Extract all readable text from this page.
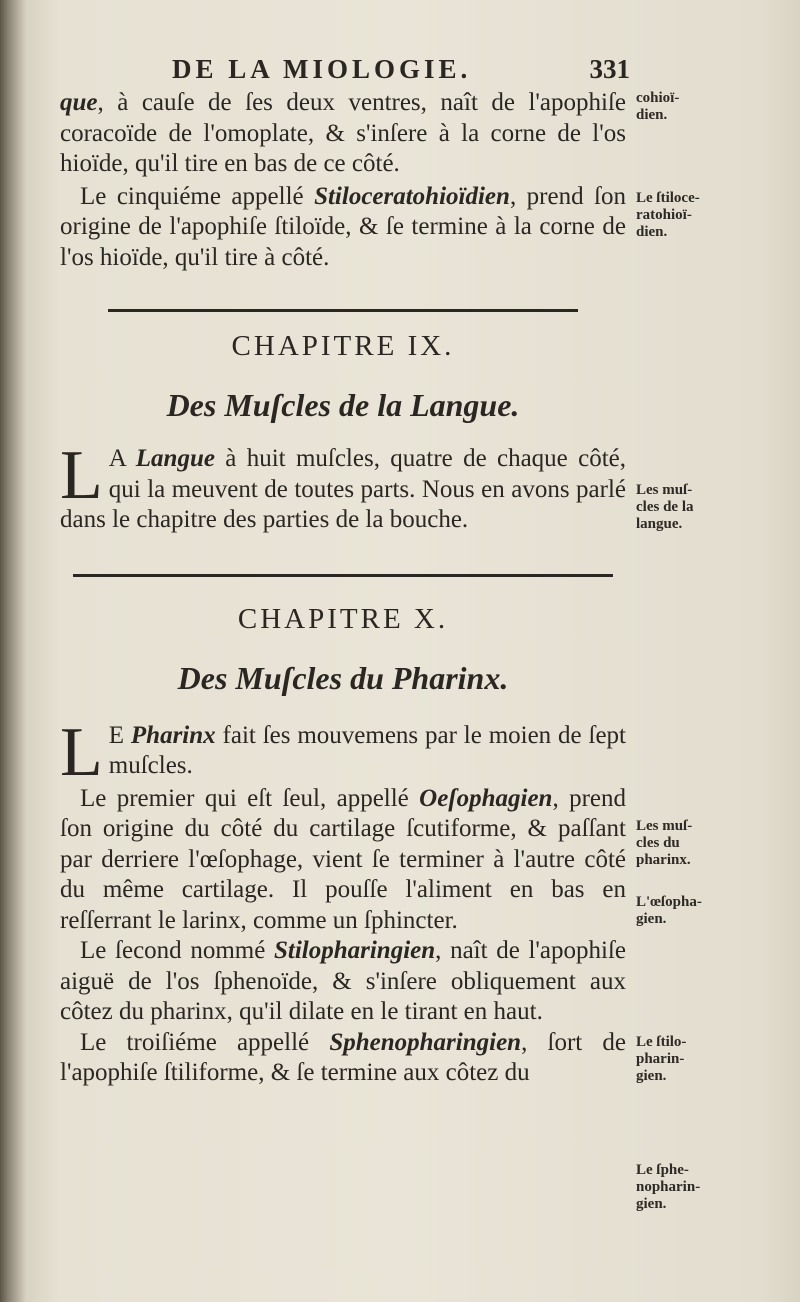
DE LA MIOLOGIE.	331

que, à cauſe de ſes deux ventres, naît de l'apophiſe coracoïde de l'omoplate, & s'inſere à la corne de l'os hioïde, qu'il tire en bas de ce côté.

Le cinquiéme appellé Stiloceratohioïdien, prend ſon origine de l'apophiſe ſtiloïde, & ſe termine à la corne de l'os hioïde, qu'il tire à côté.

CHAPITRE IX.
Des Muſcles de la Langue.

L A Langue à huit muſcles, quatre de chaque côté, qui la meuvent de toutes parts. Nous en avons parlé dans le chapitre des parties de la bouche.

CHAPITRE X.
Des Muſcles du Pharinx.

L E Pharinx fait ſes mouvemens par le moien de ſept muſcles.

Le premier qui eſt ſeul, appellé Oeſophagien, prend ſon origine du côté du cartilage ſcutiforme, & paſſant par derriere l'œſophage, vient ſe terminer à l'autre côté du même cartilage. Il pouſſe l'aliment en bas en reſſerrant le larinx, comme un ſphincter.

Le ſecond nommé Stilopharingien, naît de l'apophiſe aiguë de l'os ſphenoïde, & s'inſere obliquement aux côtez du pharinx, qu'il dilate en le tirant en haut.

Le troiſiéme appellé Sphenopharingien, ſort de l'apophiſe ſtiliforme, & ſe termine aux côtez du

cohioï-dien.
Le ſtiloce-ratohioï-dien.
Les muſ-cles de la langue.
Les muſ-cles du pharinx.
L'œſopha-gien.
Le ſtilo-pharin-gien.
Le ſphe-nopharin-gien.
